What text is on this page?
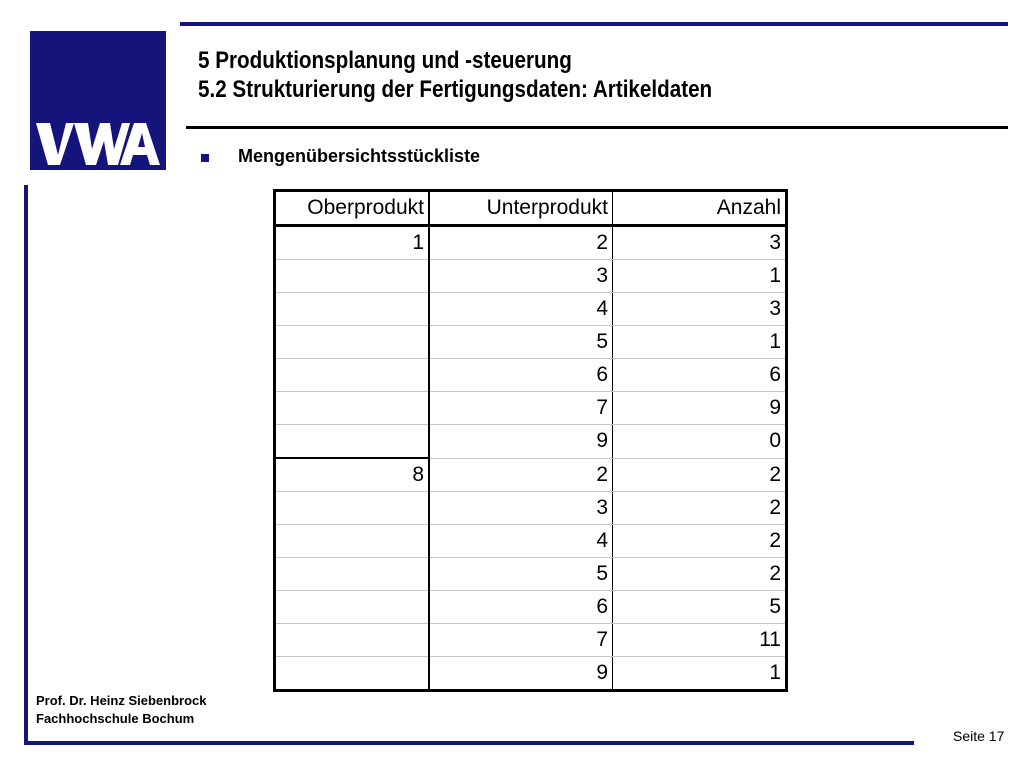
5 Produktionsplanung und -steuerung
5.2 Strukturierung der Fertigungsdaten: Artikeldaten
Mengenübersichtsstückliste
Oberprodukt	Unterprodukt	Anzahl
1	2	3
	3	1
	4	3
	5	1
	6	6
	7	9
	9	0
8	2	2
	3	2
	4	2
	5	2
	6	5
	7	11
	9	1
Prof. Dr. Heinz Siebenbrock
Fachhochschule Bochum
Seite 17
